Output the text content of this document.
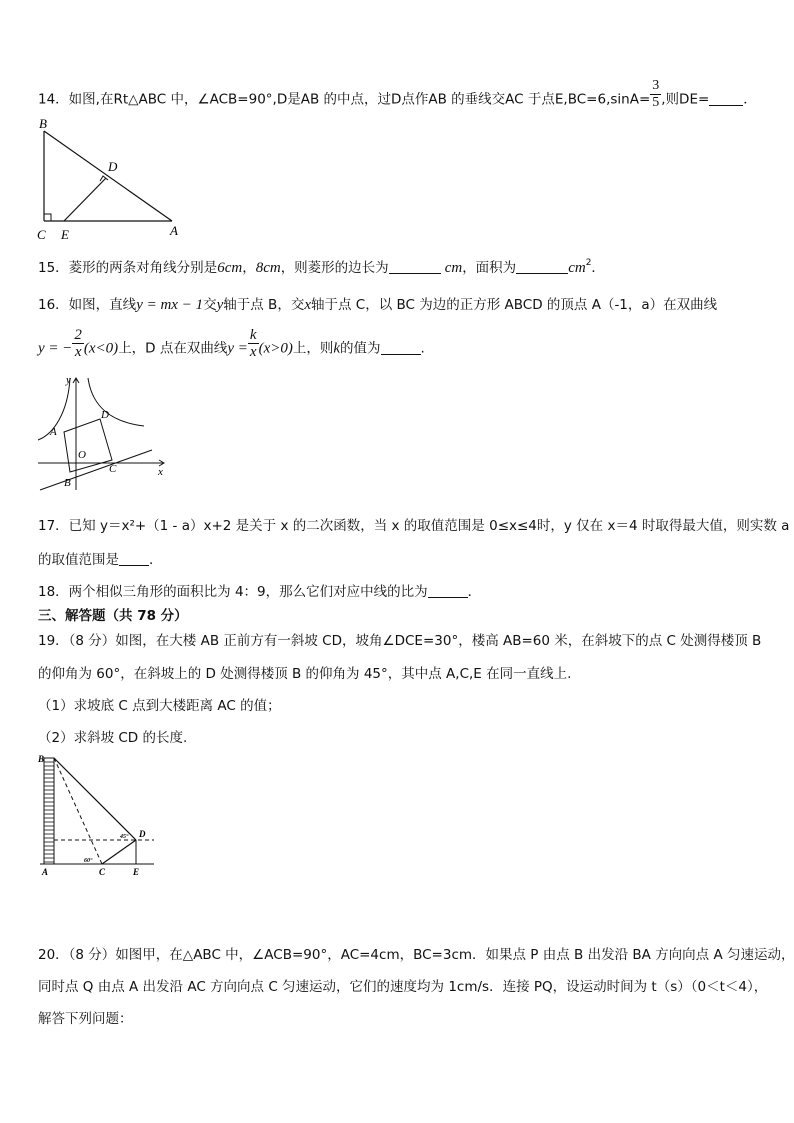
14．如图,在Rt△ABC 中，∠ACB=90°,D是AB 的中点，过D点作AB 的垂线交AC 于点$E,BC=6,\sin A= \frac{3}{5}$ ,则DE=	．
B
D
C E	A
15．菱形的两条对角线分别是6cm，8cm，则菱形的边长为	cm，面积为	$cm^2$．
16．如图，直线y = mx − 1交y轴于点 B，交x轴于点 C，以 BC 为边的正方形 ABCD 的顶点 A（-1，a）在双曲线
y = − $\frac{2}{x} (x<0)$上，D 点在双曲线$y = \frac{k}{x} (x>0)$上，则k的值为	.
y
x
A
D
O
C
B
17．已知 y＝x²+（1 - a）x+2 是关于 x 的二次函数，当 x 的取值范围是 0≤x≤4时，y 仅在 x＝4 时取得最大值，则实数 a
的取值范围是 ．
18．两个相似三角形的面积比为 4：9，那么它们对应中线的比为	．
三、解答题（共 78 分）
19．（8 分）如图，在大楼 AB 正前方有一斜坡 CD，坡角∠DCE=30°，楼高 AB=60 米，在斜坡下的点 C 处测得楼顶 B
的仰角为 60°，在斜坡上的 D 处测得楼顶 B 的仰角为 45°，其中点 A,C,E 在同一直线上.
（1）求坡底 C 点到大楼距离 AC 的值；
（2）求斜坡 CD 的长度.
B
D
A	C	E
45°
60°
20．（8 分）如图甲，在△ABC 中，∠ACB=90°，AC=4cm，BC=3cm．如果点 P 由点 B 出发沿 BA 方向向点 A 匀速运动，
同时点 Q 由点 A 出发沿 AC 方向向点 C 匀速运动，它们的速度均为 1cm/s．连接 PQ，设运动时间为 t（s）（0＜t＜4），
解答下列问题：
